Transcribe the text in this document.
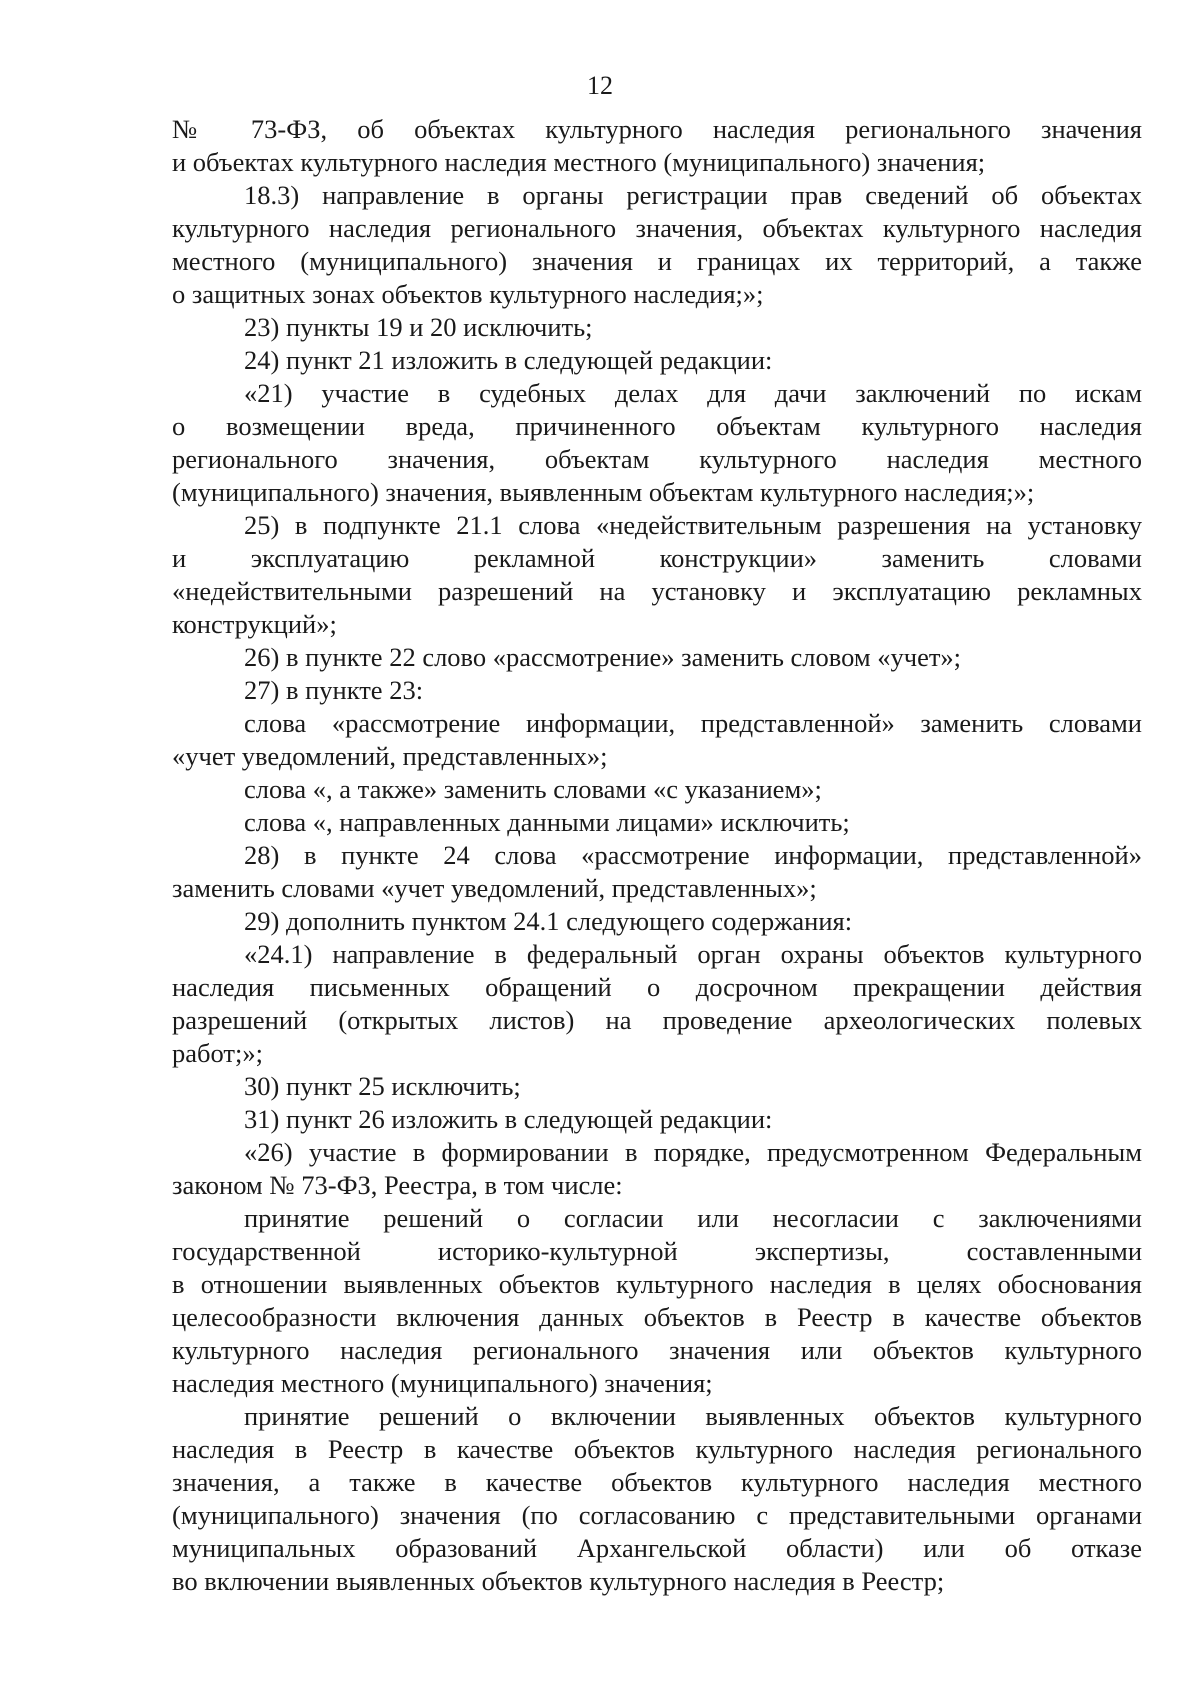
12
№ 73-ФЗ, об объектах культурного наследия регионального значения
и объектах культурного наследия местного (муниципального) значения;
18.3) направление в органы регистрации прав сведений об объектах
культурного наследия регионального значения, объектах культурного наследия
местного (муниципального) значения и границах их территорий, а также
о защитных зонах объектов культурного наследия;»;
23) пункты 19 и 20 исключить;
24) пункт 21 изложить в следующей редакции:
«21) участие в судебных делах для дачи заключений по искам
о возмещении вреда, причиненного объектам культурного наследия
регионального значения, объектам культурного наследия местного
(муниципального) значения, выявленным объектам культурного наследия;»;
25) в подпункте 21.1 слова «недействительным разрешения на установку
и эксплуатацию рекламной конструкции» заменить словами
«недействительными разрешений на установку и эксплуатацию рекламных
конструкций»;
26) в пункте 22 слово «рассмотрение» заменить словом «учет»;
27) в пункте 23:
слова «рассмотрение информации, представленной» заменить словами
«учет уведомлений, представленных»;
слова «, а также» заменить словами «с указанием»;
слова «, направленных данными лицами» исключить;
28) в пункте 24 слова «рассмотрение информации, представленной»
заменить словами «учет уведомлений, представленных»;
29) дополнить пунктом 24.1 следующего содержания:
«24.1) направление в федеральный орган охраны объектов культурного
наследия письменных обращений о досрочном прекращении действия
разрешений (открытых листов) на проведение археологических полевых
работ;»;
30) пункт 25 исключить;
31) пункт 26 изложить в следующей редакции:
«26) участие в формировании в порядке, предусмотренном Федеральным
законом № 73-ФЗ, Реестра, в том числе:
принятие решений о согласии или несогласии с заключениями
государственной историко-культурной экспертизы, составленными
в отношении выявленных объектов культурного наследия в целях обоснования
целесообразности включения данных объектов в Реестр в качестве объектов
культурного наследия регионального значения или объектов культурного
наследия местного (муниципального) значения;
принятие решений о включении выявленных объектов культурного
наследия в Реестр в качестве объектов культурного наследия регионального
значения, а также в качестве объектов культурного наследия местного
(муниципального) значения (по согласованию с представительными органами
муниципальных образований Архангельской области) или об отказе
во включении выявленных объектов культурного наследия в Реестр;
